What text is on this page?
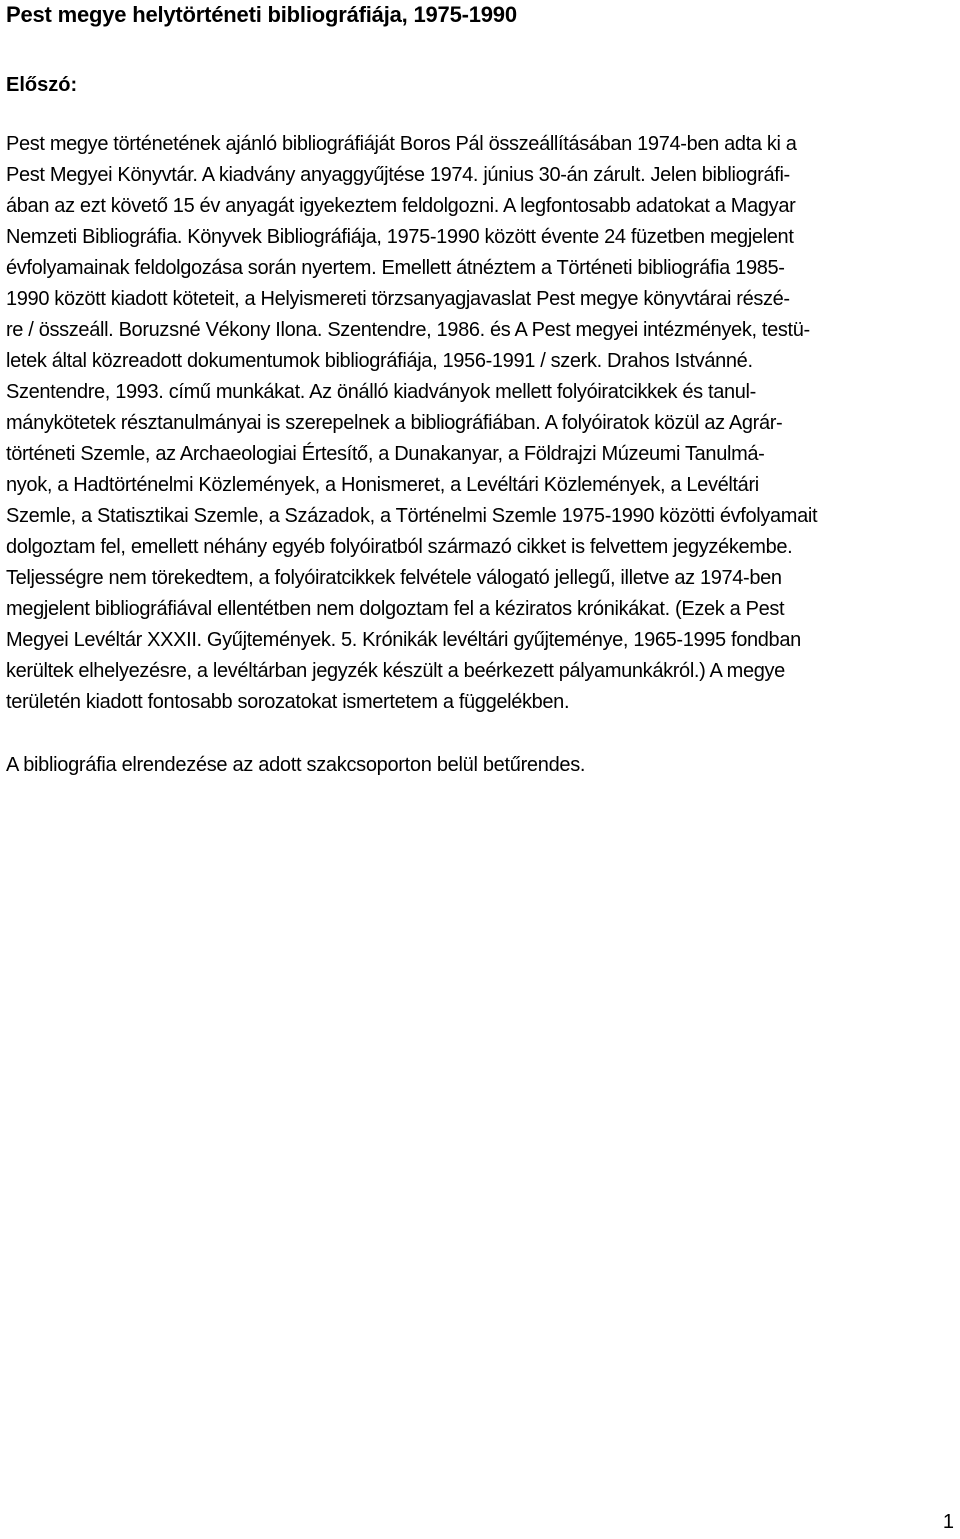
Pest megye helytörténeti bibliográfiája, 1975-1990
Előszó:

Pest megye történetének ajánló bibliográfiáját Boros Pál összeállításában 1974-ben adta ki a
Pest Megyei Könyvtár. A kiadvány anyaggyűjtése 1974. június 30-án zárult. Jelen bibliográfi-
ában az ezt követő 15 év anyagát igyekeztem feldolgozni. A legfontosabb adatokat a Magyar
Nemzeti Bibliográfia. Könyvek Bibliográfiája, 1975-1990 között évente 24 füzetben megjelent
évfolyamainak feldolgozása során nyertem. Emellett átnéztem a Történeti bibliográfia 1985-
1990 között kiadott köteteit, a Helyismereti törzsanyagjavaslat Pest megye könyvtárai részé-
re / összeáll. Boruzsné Vékony Ilona. Szentendre, 1986. és A Pest megyei intézmények, testü-
letek által közreadott dokumentumok bibliográfiája, 1956-1991 / szerk. Drahos Istvánné.
Szentendre, 1993. című munkákat. Az önálló kiadványok mellett folyóiratcikkek és tanul-
mánykötetek résztanulmányai is szerepelnek a bibliográfiában. A folyóiratok közül az Agrár-
történeti Szemle, az Archaeologiai Értesítő, a Dunakanyar, a Földrajzi Múzeumi Tanulmá-
nyok, a Hadtörténelmi Közlemények, a Honismeret, a Levéltári Közlemények, a Levéltári
Szemle, a Statisztikai Szemle, a Századok, a Történelmi Szemle 1975-1990 közötti évfolyamait
dolgoztam fel, emellett néhány egyéb folyóiratból származó cikket is felvettem jegyzékembe.
Teljességre nem törekedtem, a folyóiratcikkek felvétele válogató jellegű, illetve az 1974-ben
megjelent bibliográfiával ellentétben nem dolgoztam fel a kéziratos krónikákat. (Ezek a Pest
Megyei Levéltár XXXII. Gyűjtemények. 5. Krónikák levéltári gyűjteménye, 1965-1995 fondban
kerültek elhelyezésre, a levéltárban jegyzék készült a beérkezett pályamunkákról.) A megye
területén kiadott fontosabb sorozatokat ismertetem a függelékben.

A bibliográfia elrendezése az adott szakcsoporton belül betűrendes.

1
